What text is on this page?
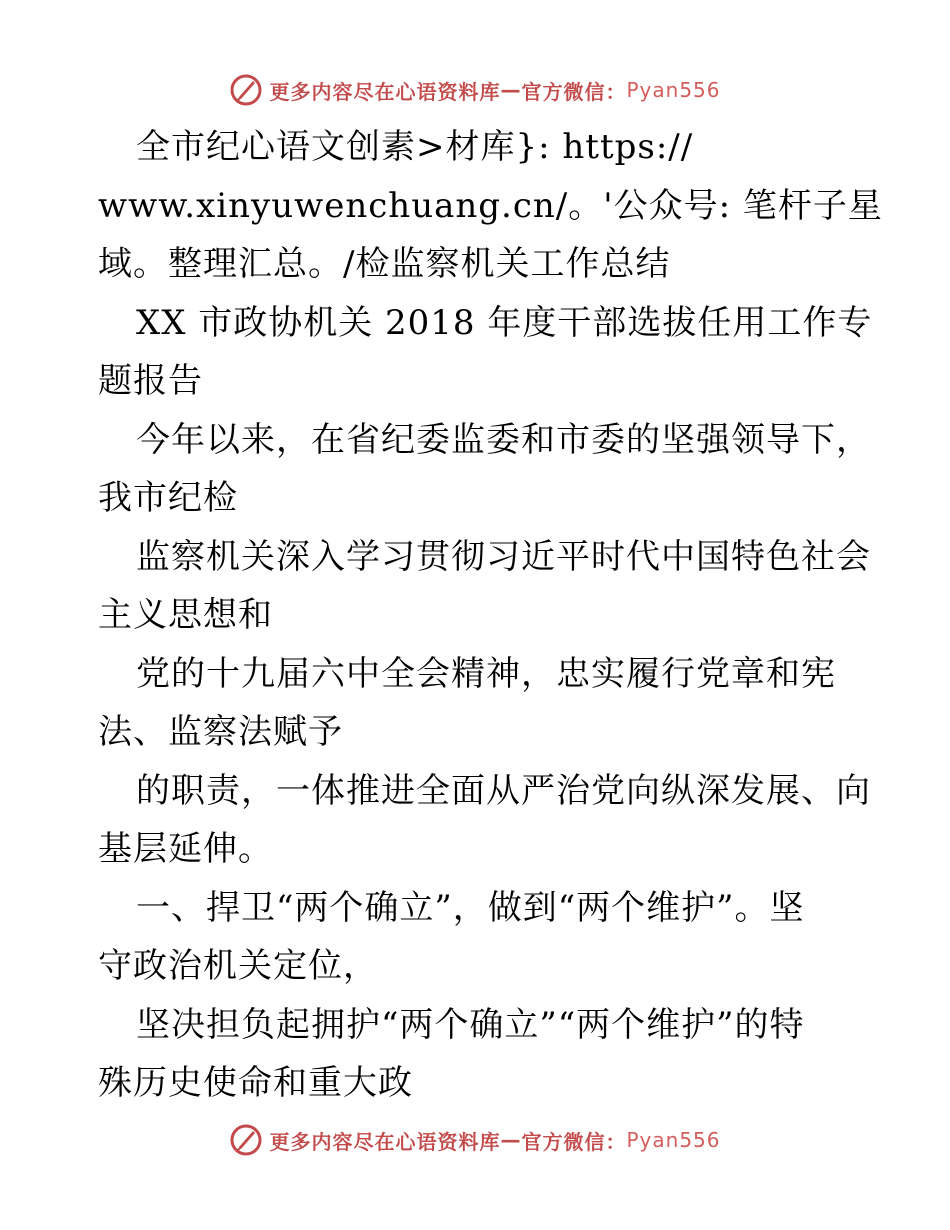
更多内容尽在心语资料库 — 官方微信： Pyan556
全市纪心语文创素>材库}: https://
www.xinyuwenchuang.cn/。'公众号: 笔杆子星
域。整理汇总。/检监察机关工作总结
XX 市政协机关 2018 年度干部选拔任用工作专
题报告
今年以来，在省纪委监委和市委的坚强领导下，
我市纪检
监察机关深入学习贯彻习近平时代中国特色社会
主义思想和
党的十九届六中全会精神，忠实履行党章和宪
法、监察法赋予
的职责，一体推进全面从严治党向纵深发展、向
基层延伸。
一、捍卫“两个确立”，做到“两个维护”。坚
守政治机关定位，
坚决担负起拥护“两个确立”“两个维护”的特
殊历史使命和重大政
更多内容尽在心语资料库 — 官方微信： Pyan556
